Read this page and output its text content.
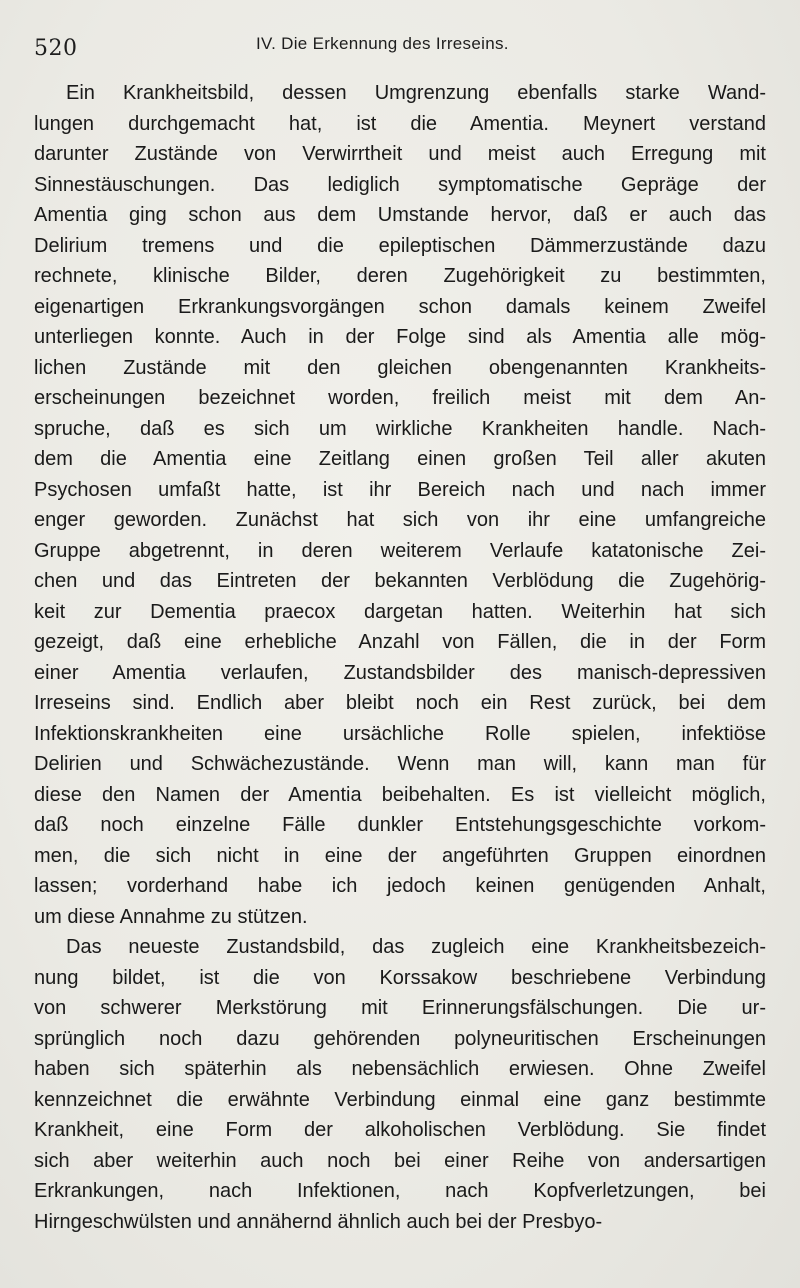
520	IV. Die Erkennung des Irreseins.
Ein Krankheitsbild, dessen Umgrenzung ebenfalls starke Wand-
lungen durchgemacht hat, ist die Amentia. Meynert verstand
darunter Zustände von Verwirrtheit und meist auch Erregung mit
Sinnestäuschungen. Das lediglich symptomatische Gepräge der
Amentia ging schon aus dem Umstande hervor, daß er auch das
Delirium tremens und die epileptischen Dämmerzustände dazu
rechnete, klinische Bilder, deren Zugehörigkeit zu bestimmten,
eigenartigen Erkrankungsvorgängen schon damals keinem Zweifel
unterliegen konnte. Auch in der Folge sind als Amentia alle mög-
lichen Zustände mit den gleichen obengenannten Krankheits-
erscheinungen bezeichnet worden, freilich meist mit dem An-
spruche, daß es sich um wirkliche Krankheiten handle. Nach-
dem die Amentia eine Zeitlang einen großen Teil aller akuten
Psychosen umfaßt hatte, ist ihr Bereich nach und nach immer
enger geworden. Zunächst hat sich von ihr eine umfangreiche
Gruppe abgetrennt, in deren weiterem Verlaufe katatonische Zei-
chen und das Eintreten der bekannten Verblödung die Zugehörig-
keit zur Dementia praecox dargetan hatten. Weiterhin hat sich
gezeigt, daß eine erhebliche Anzahl von Fällen, die in der Form
einer Amentia verlaufen, Zustandsbilder des manisch-depressiven
Irreseins sind. Endlich aber bleibt noch ein Rest zurück, bei dem
Infektionskrankheiten eine ursächliche Rolle spielen, infektiöse
Delirien und Schwächezustände. Wenn man will, kann man für
diese den Namen der Amentia beibehalten. Es ist vielleicht möglich,
daß noch einzelne Fälle dunkler Entstehungsgeschichte vorkom-
men, die sich nicht in eine der angeführten Gruppen einordnen
lassen; vorderhand habe ich jedoch keinen genügenden Anhalt,
um diese Annahme zu stützen.
Das neueste Zustandsbild, das zugleich eine Krankheitsbezeich-
nung bildet, ist die von Korssakow beschriebene Verbindung
von schwerer Merkstörung mit Erinnerungsfälschungen. Die ur-
sprünglich noch dazu gehörenden polyneuritischen Erscheinungen
haben sich späterhin als nebensächlich erwiesen. Ohne Zweifel
kennzeichnet die erwähnte Verbindung einmal eine ganz bestimmte
Krankheit, eine Form der alkoholischen Verblödung. Sie findet
sich aber weiterhin auch noch bei einer Reihe von andersartigen
Erkrankungen, nach Infektionen, nach Kopfverletzungen, bei
Hirngeschwülsten und annähernd ähnlich auch bei der Presbyo-
